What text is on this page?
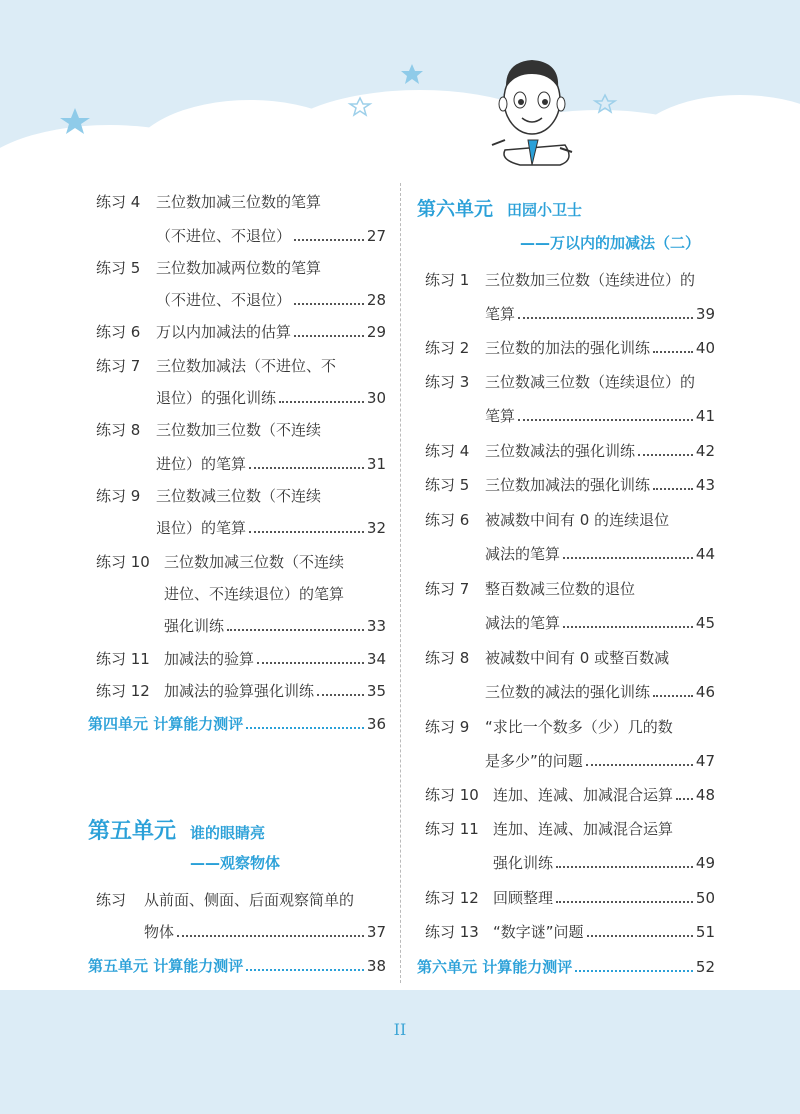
练习 4 三位数加减三位数的笔算
（不进位、不退位）	27
练习 5 三位数加减两位数的笔算
（不进位、不退位）	28
练习 6 万以内加减法的估算	29
练习 7 三位数加减法（不进位、不
退位）的强化训练	30
练习 8 三位数加三位数（不连续
进位）的笔算	31
练习 9 三位数减三位数（不连续
退位）的笔算	32
练习 10 三位数加减三位数（不连续
进位、不连续退位）的笔算
强化训练	33
练习 11 加减法的验算	34
练习 12 加减法的验算强化训练	35
第四单元 计算能力测评	36
第五单元 谁的眼睛亮
——观察物体
练习 从前面、侧面、后面观察简单的
物体	37
第五单元 计算能力测评	38
第六单元 田园小卫士
——万以内的加减法（二）
练习 1 三位数加三位数（连续进位）的
笔算	39
练习 2 三位数的加法的强化训练	40
练习 3 三位数减三位数（连续退位）的
笔算	41
练习 4 三位数减法的强化训练	42
练习 5 三位数加减法的强化训练	43
练习 6 被减数中间有 0 的连续退位
减法的笔算	44
练习 7 整百数减三位数的退位
减法的笔算	45
练习 8 被减数中间有 0 或整百数减
三位数的减法的强化训练	46
练习 9 “求比一个数多（少）几的数
是多少”的问题	47
练习 10 连加、连减、加减混合运算 48
练习 11 连加、连减、加减混合运算
强化训练	49
练习 12 回顾整理	50
练习 13 “数字谜”问题	51
第六单元 计算能力测评	52
II
